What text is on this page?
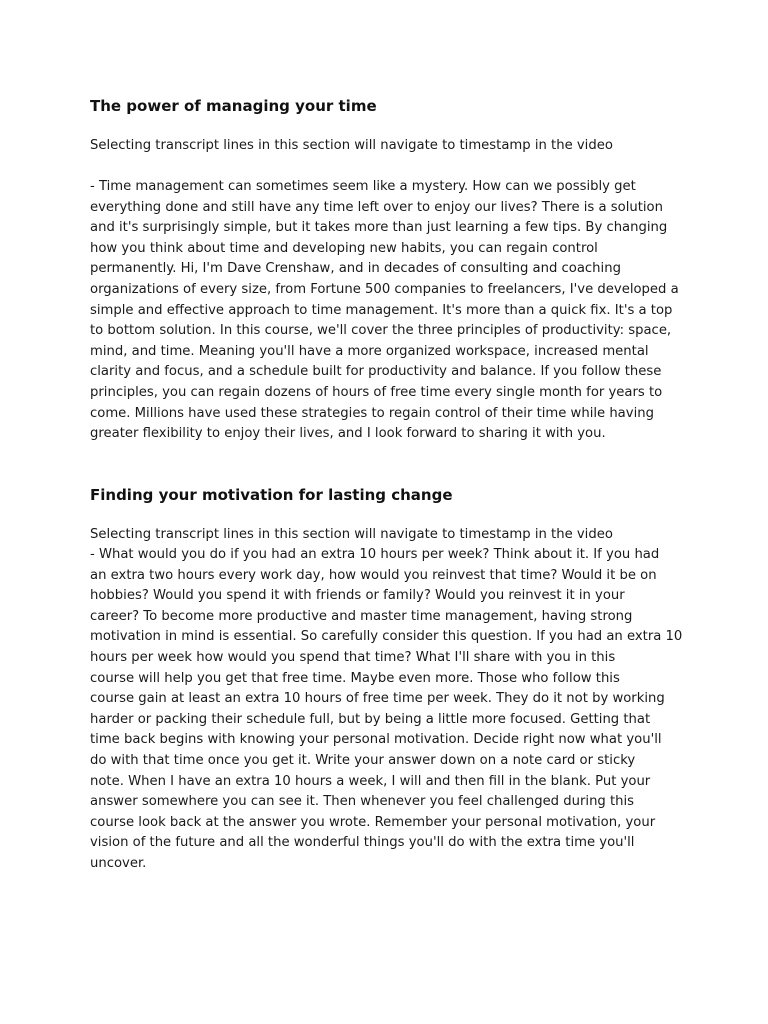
The power of managing your time

Selecting transcript lines in this section will navigate to timestamp in the video

- Time management can sometimes seem like a mystery. How can we possibly get
everything done and still have any time left over to enjoy our lives? There is a solution
and it's surprisingly simple, but it takes more than just learning a few tips. By changing
how you think about time and developing new habits, you can regain control
permanently. Hi, I'm Dave Crenshaw, and in decades of consulting and coaching
organizations of every size, from Fortune 500 companies to freelancers, I've developed a
simple and effective approach to time management. It's more than a quick fix. It's a top
to bottom solution. In this course, we'll cover the three principles of productivity: space,
mind, and time. Meaning you'll have a more organized workspace, increased mental
clarity and focus, and a schedule built for productivity and balance. If you follow these
principles, you can regain dozens of hours of free time every single month for years to
come. Millions have used these strategies to regain control of their time while having
greater flexibility to enjoy their lives, and I look forward to sharing it with you.
Finding your motivation for lasting change

Selecting transcript lines in this section will navigate to timestamp in the video

- What would you do if you had an extra 10 hours per week? Think about it. If you had
an extra two hours every work day, how would you reinvest that time? Would it be on
hobbies? Would you spend it with friends or family? Would you reinvest it in your
career? To become more productive and master time management, having strong
motivation in mind is essential. So carefully consider this question. If you had an extra 10
hours per week how would you spend that time? What I'll share with you in this
course will help you get that free time. Maybe even more. Those who follow this
course gain at least an extra 10 hours of free time per week. They do it not by working
harder or packing their schedule full, but by being a little more focused. Getting that
time back begins with knowing your personal motivation. Decide right now what you'll
do with that time once you get it. Write your answer down on a note card or sticky
note. When I have an extra 10 hours a week, I will and then fill in the blank. Put your
answer somewhere you can see it. Then whenever you feel challenged during this
course look back at the answer you wrote. Remember your personal motivation, your
vision of the future and all the wonderful things you'll do with the extra time you'll
uncover.
